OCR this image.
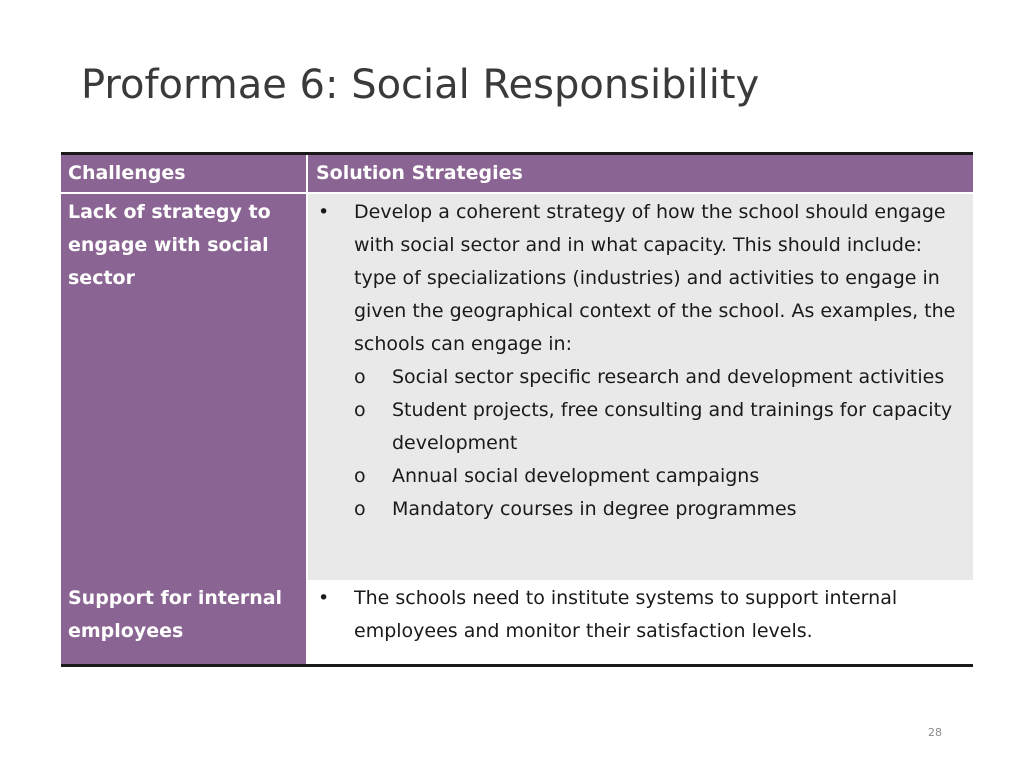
Proformae 6: Social Responsibility
Challenges	Solution Strategies
Lack of strategy to engage with social sector
•	Develop a coherent strategy of how the school should engage with social sector and in what capacity. This should include: type of specializations (industries) and activities to engage in given the geographical context of the school. As examples, the schools can engage in:
o	Social sector specific research and development activities
o	Student projects, free consulting and trainings for capacity development
o	Annual social development campaigns
o	Mandatory courses in degree programmes
Support for internal employees
•	The schools need to institute systems to support internal employees and monitor their satisfaction levels.
28
